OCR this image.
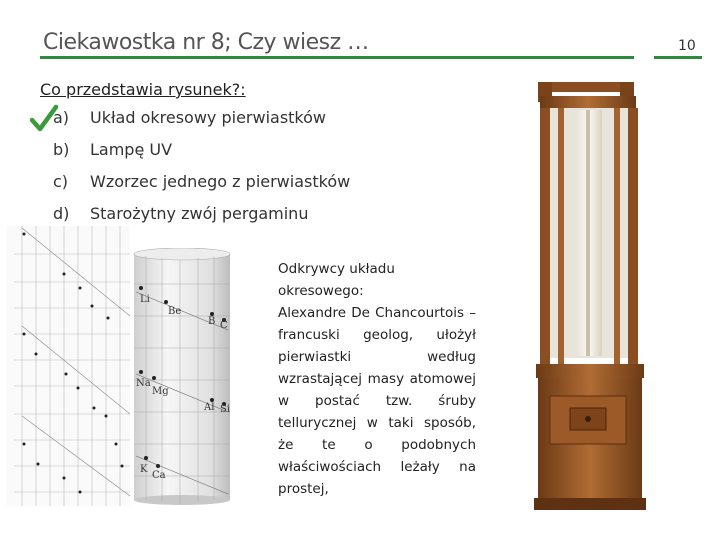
Ciekawostka nr 8; Czy wiesz …	10
Co przedstawia rysunek?:
a)	Układ okresowy pierwiastków
b)	Lampę UV
c)	Wzorzec jednego z pierwiastków
d)	Starożytny zwój pergaminu
Li
Be
B C
Na
Mg
Al Si
K
Ca
Odkrywcy układu okresowego:
Alexandre De Chancourtois – francuski geolog, ułożył pierwiastki według wzrastającej masy atomowej w postać tzw. śruby tellurycznej w taki sposób, że te o podobnych właściwościach leżały na prostej,
